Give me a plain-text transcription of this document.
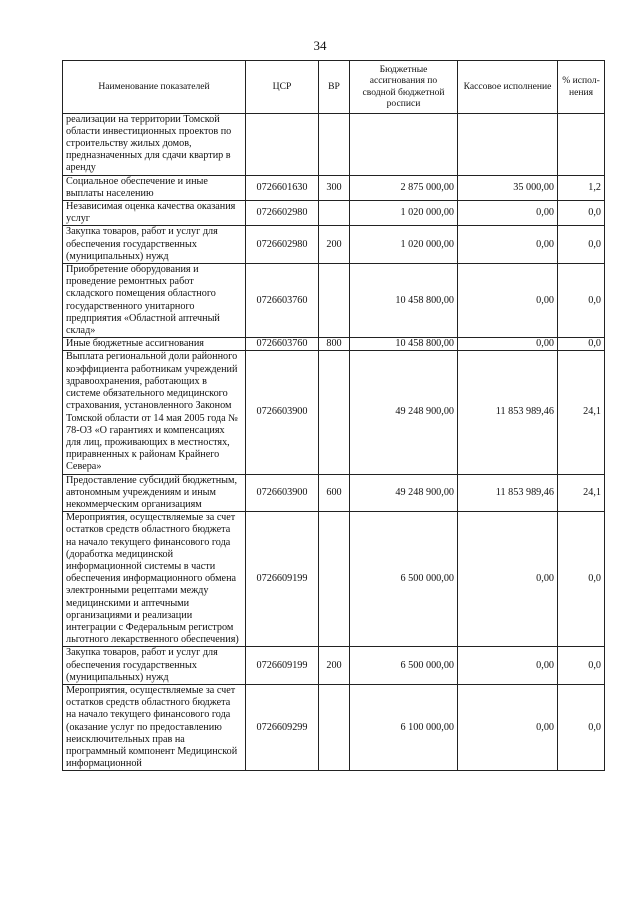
34
Наименование показателей	ЦСР	ВР	Бюджетные ассигнования по сводной бюджетной росписи	Кассовое исполнение	% испол-нения
реализации на территории Томской области инвестиционных проектов по строительству жилых домов, предназначенных для сдачи квартир в аренду					
Социальное обеспечение и иные выплаты населению	0726601630	300	2 875 000,00	35 000,00	1,2
Независимая оценка качества оказания услуг	0726602980		1 020 000,00	0,00	0,0
Закупка товаров, работ и услуг для обеспечения государственных (муниципальных) нужд	0726602980	200	1 020 000,00	0,00	0,0
Приобретение оборудования и проведение ремонтных работ складского помещения областного государственного унитарного предприятия «Областной аптечный склад»	0726603760		10 458 800,00	0,00	0,0
Иные бюджетные ассигнования	0726603760	800	10 458 800,00	0,00	0,0
Выплата региональной доли районного коэффициента работникам учреждений здравоохранения, работающих в системе обязательного медицинского страхования, установленного Законом Томской области от 14 мая 2005 года № 78-ОЗ «О гарантиях и компенсациях для лиц, проживающих в местностях, приравненных к районам Крайнего Севера»	0726603900		49 248 900,00	11 853 989,46	24,1
Предоставление субсидий бюджетным, автономным учреждениям и иным некоммерческим организациям	0726603900	600	49 248 900,00	11 853 989,46	24,1
Мероприятия, осуществляемые за счет остатков средств областного бюджета на начало текущего финансового года (доработка медицинской информационной системы в части обеспечения информационного обмена электронными рецептами между медицинскими и аптечными организациями и реализации интеграции с Федеральным регистром льготного лекарственного обеспечения)	0726609199		6 500 000,00	0,00	0,0
Закупка товаров, работ и услуг для обеспечения государственных (муниципальных) нужд	0726609199	200	6 500 000,00	0,00	0,0
Мероприятия, осуществляемые за счет остатков средств областного бюджета на начало текущего финансового года (оказание услуг по предоставлению неисключительных прав на программный компонент Медицинской информационной	0726609299		6 100 000,00	0,00	0,0
